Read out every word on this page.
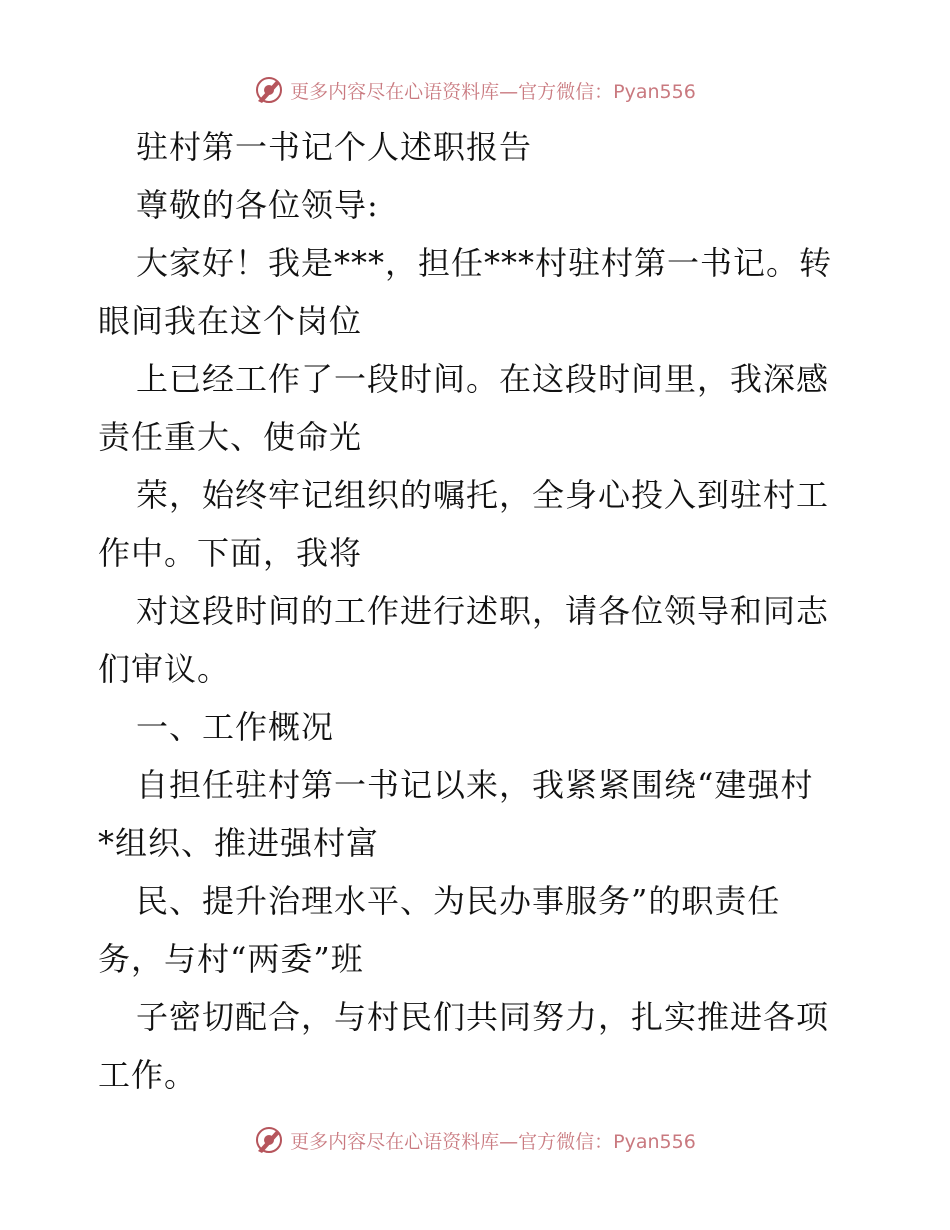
更多内容尽在心语资料库—官方微信：Pyan556
驻村第一书记个人述职报告
尊敬的各位领导:
大家好！我是***，担任***村驻村第一书记。转
眼间我在这个岗位
上已经工作了一段时间。在这段时间里，我深感
责任重大、使命光
荣，始终牢记组织的嘱托，全身心投入到驻村工
作中。下面，我将
对这段时间的工作进行述职，请各位领导和同志
们审议。
一、工作概况
自担任驻村第一书记以来，我紧紧围绕“建强村
*组织、推进强村富
民、提升治理水平、为民办事服务”的职责任
务，与村“两委”班
子密切配合，与村民们共同努力，扎实推进各项
工作。
更多内容尽在心语资料库—官方微信：Pyan556
